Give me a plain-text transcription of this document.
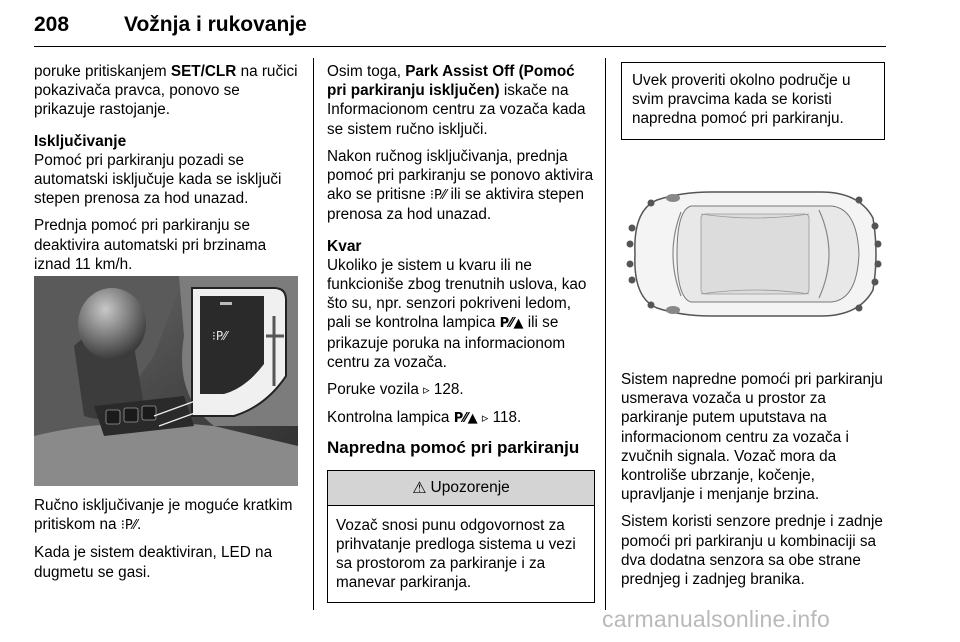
208	Vožnja i rukovanje

poruke pritiskanjem SET/CLR na ručici pokazivača pravca, ponovo se prikazuje rastojanje.

Isključivanje

Pomoć pri parkiranju pozadi se automatski isključuje kada se isključi stepen prenosa za hod unazad.

Prednja pomoć pri parkiranju se deaktivira automatski pri brzinama iznad 11 km/h.

⁝P⁄⁄

Ručno isključivanje je moguće kratkim pritiskom na ⁝P⁄⁄.

Kada je sistem deaktiviran, LED na dugmetu se gasi.

Osim toga, Park Assist Off (Pomoć pri parkiranju isključen) iskače na Informacionom centru za vozača kada se sistem ručno isključi.

Nakon ručnog isključivanja, prednja pomoć pri parkiranju se ponovo aktivira ako se pritisne ⁝P⁄⁄ ili se aktivira stepen prenosa za hod unazad.

Kvar

Ukoliko je sistem u kvaru ili ne funkcioniše zbog trenutnih uslova, kao što su, npr. senzori pokriveni ledom, pali se kontrolna lampica P⁄⁄▲ ili se prikazuje poruka na informacionom centru za vozača.

Poruke vozila ▹ 128.

Kontrolna lampica P⁄⁄▲ ▹ 118.

Napredna pomoć pri parkiranju

⚠ Upozorenje
Vozač snosi punu odgovornost za prihvatanje predloga sistema u vezi sa prostorom za parkiranje i za manevar parkiranja.
Uvek proveriti okolno područje u svim pravcima kada se koristi napredna pomoć pri parkiranju.

Sistem napredne pomoći pri parkiranju usmerava vozača u prostor za parkiranje putem uputstava na informacionom centru za vozača i zvučnih signala. Vozač mora da kontroliše ubrzanje, kočenje, upravljanje i menjanje brzina.

Sistem koristi senzore prednje i zadnje pomoći pri parkiranju u kombinaciji sa dva dodatna senzora sa obe strane prednjeg i zadnjeg branika.

carmanualsonline.info
